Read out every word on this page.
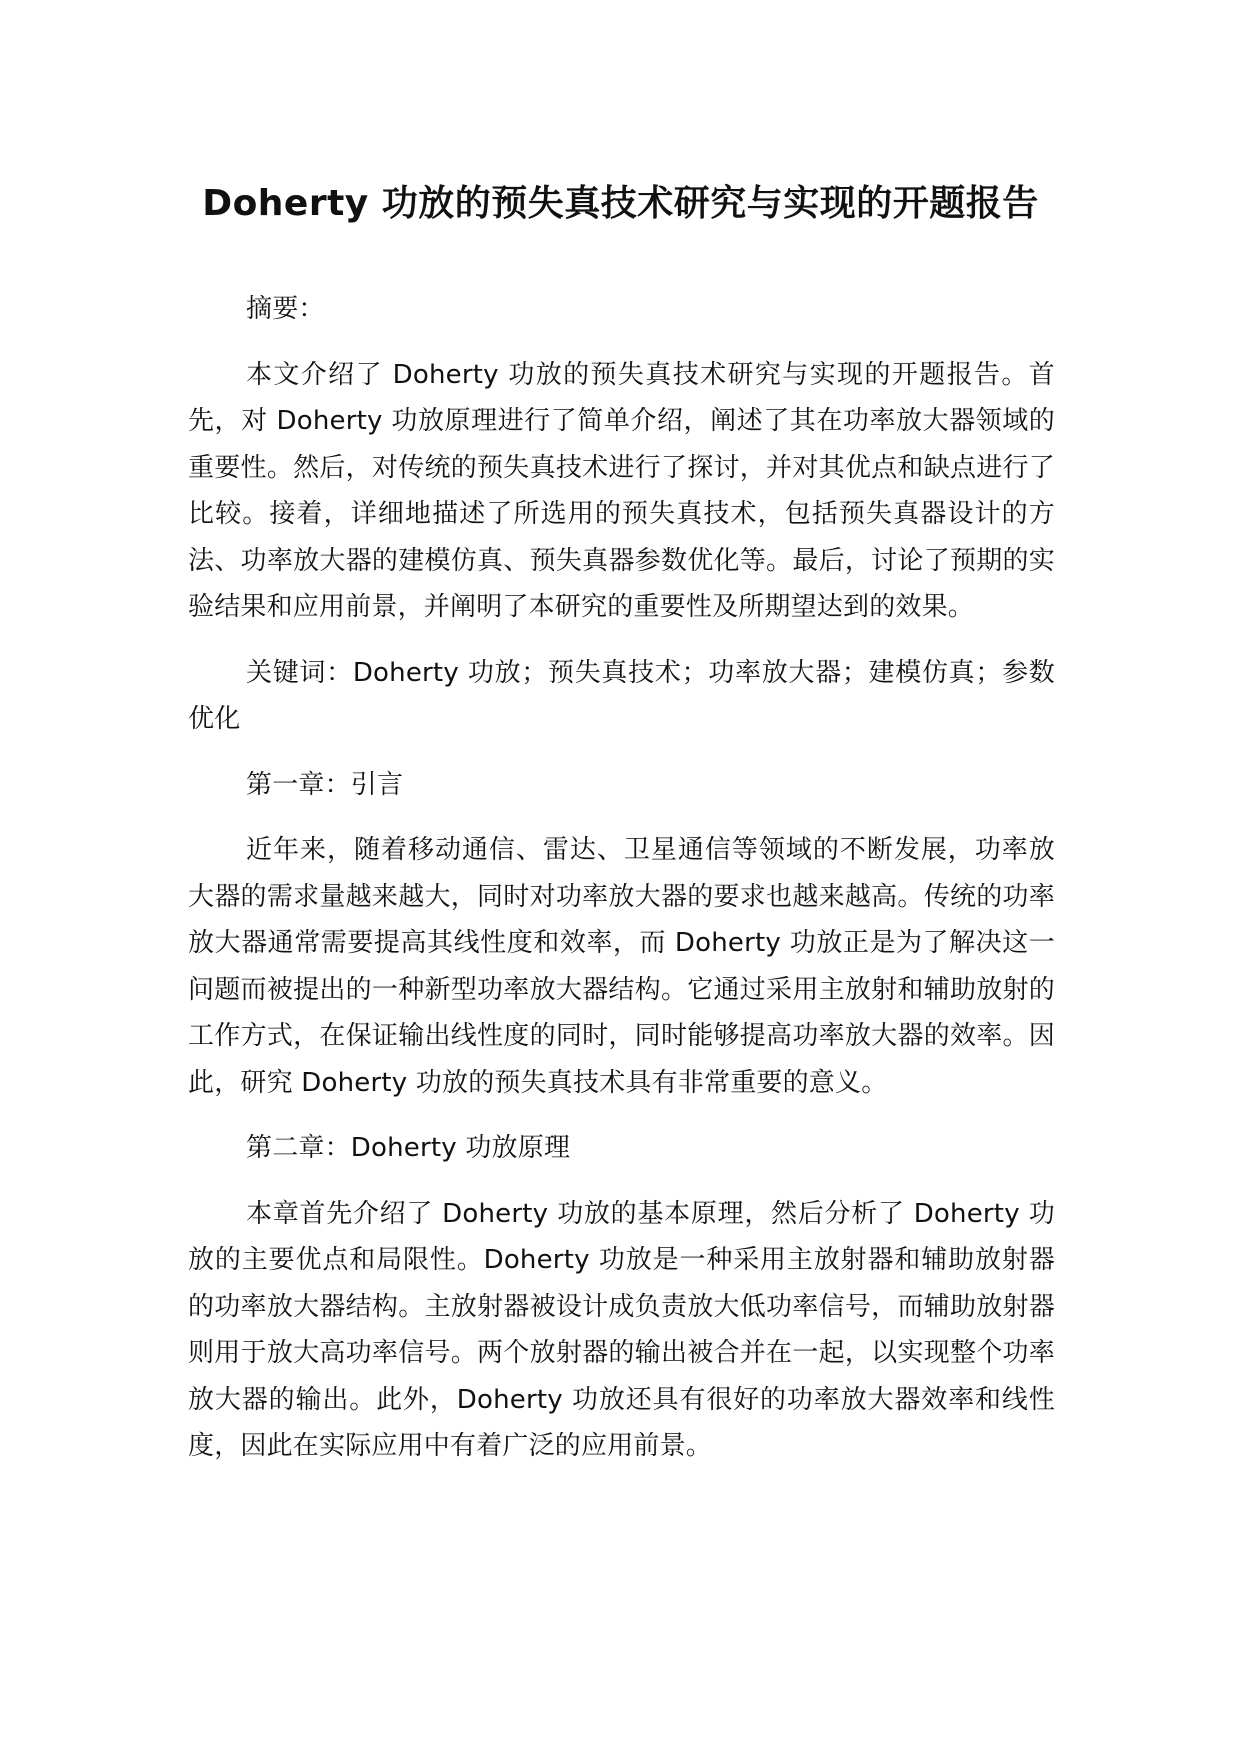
Doherty 功放的预失真技术研究与实现的开题报告

摘要：

本文介绍了 Doherty 功放的预失真技术研究与实现的开题报告。首先，对 Doherty 功放原理进行了简单介绍，阐述了其在功率放大器领域的重要性。然后，对传统的预失真技术进行了探讨，并对其优点和缺点进行了比较。接着，详细地描述了所选用的预失真技术，包括预失真器设计的方法、功率放大器的建模仿真、预失真器参数优化等。最后，讨论了预期的实验结果和应用前景，并阐明了本研究的重要性及所期望达到的效果。

关键词：Doherty 功放；预失真技术；功率放大器；建模仿真；参数优化

第一章：引言

近年来，随着移动通信、雷达、卫星通信等领域的不断发展，功率放大器的需求量越来越大，同时对功率放大器的要求也越来越高。传统的功率放大器通常需要提高其线性度和效率，而 Doherty 功放正是为了解决这一问题而被提出的一种新型功率放大器结构。它通过采用主放射和辅助放射的工作方式，在保证输出线性度的同时，同时能够提高功率放大器的效率。因此，研究 Doherty 功放的预失真技术具有非常重要的意义。

第二章：Doherty 功放原理

本章首先介绍了 Doherty 功放的基本原理，然后分析了 Doherty 功放的主要优点和局限性。Doherty 功放是一种采用主放射器和辅助放射器的功率放大器结构。主放射器被设计成负责放大低功率信号，而辅助放射器则用于放大高功率信号。两个放射器的输出被合并在一起，以实现整个功率放大器的输出。此外，Doherty 功放还具有很好的功率放大器效率和线性度，因此在实际应用中有着广泛的应用前景。
